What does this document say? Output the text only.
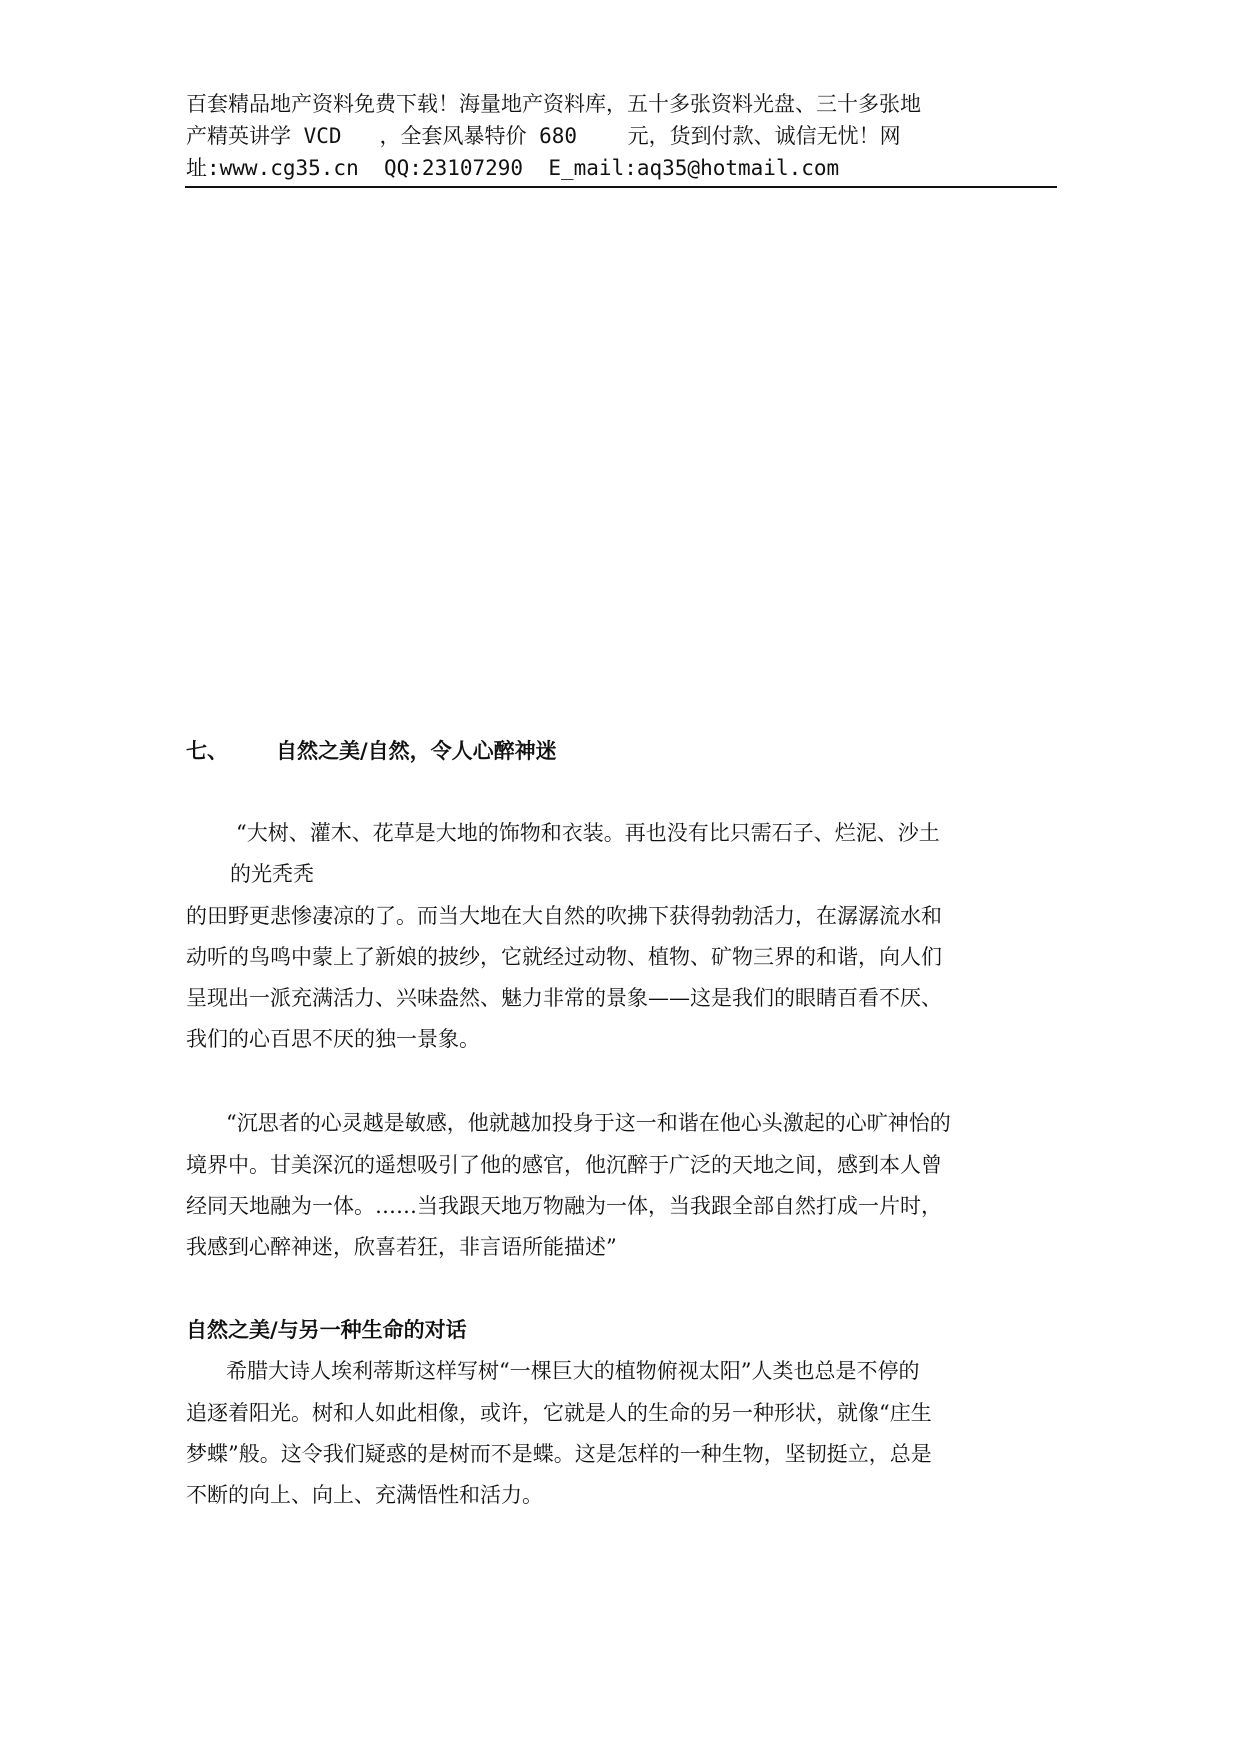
百套精品地产资料免费下载！海量地产资料库，五十多张资料光盘、三十多张地
产精英讲学 VCD   ，全套风暴特价 680    元，货到付款、诚信无忧！网
址:www.cg35.cn  QQ:23107290  E_mail:aq35@hotmail.com
七、 自然之美/自然，令人心醉神迷
“大树、灌木、花草是大地的饰物和衣装。再也没有比只需石子、烂泥、沙土
的光秃秃
的田野更悲惨凄凉的了。而当大地在大自然的吹拂下获得勃勃活力，在潺潺流水和
动听的鸟鸣中蒙上了新娘的披纱，它就经过动物、植物、矿物三界的和谐，向人们
呈现出一派充满活力、兴味盎然、魅力非常的景象——这是我们的眼睛百看不厌、
我们的心百思不厌的独一景象。
“沉思者的心灵越是敏感，他就越加投身于这一和谐在他心头激起的心旷神怡的
境界中。甘美深沉的遥想吸引了他的感官，他沉醉于广泛的天地之间，感到本人曾
经同天地融为一体。……当我跟天地万物融为一体，当我跟全部自然打成一片时，
我感到心醉神迷，欣喜若狂，非言语所能描述”
自然之美/与另一种生命的对话
希腊大诗人埃利蒂斯这样写树“一棵巨大的植物俯视太阳”人类也总是不停的
追逐着阳光。树和人如此相像，或许，它就是人的生命的另一种形状，就像“庄生
梦蝶”般。这令我们疑惑的是树而不是蝶。这是怎样的一种生物，坚韧挺立，总是
不断的向上、向上、充满悟性和活力。
